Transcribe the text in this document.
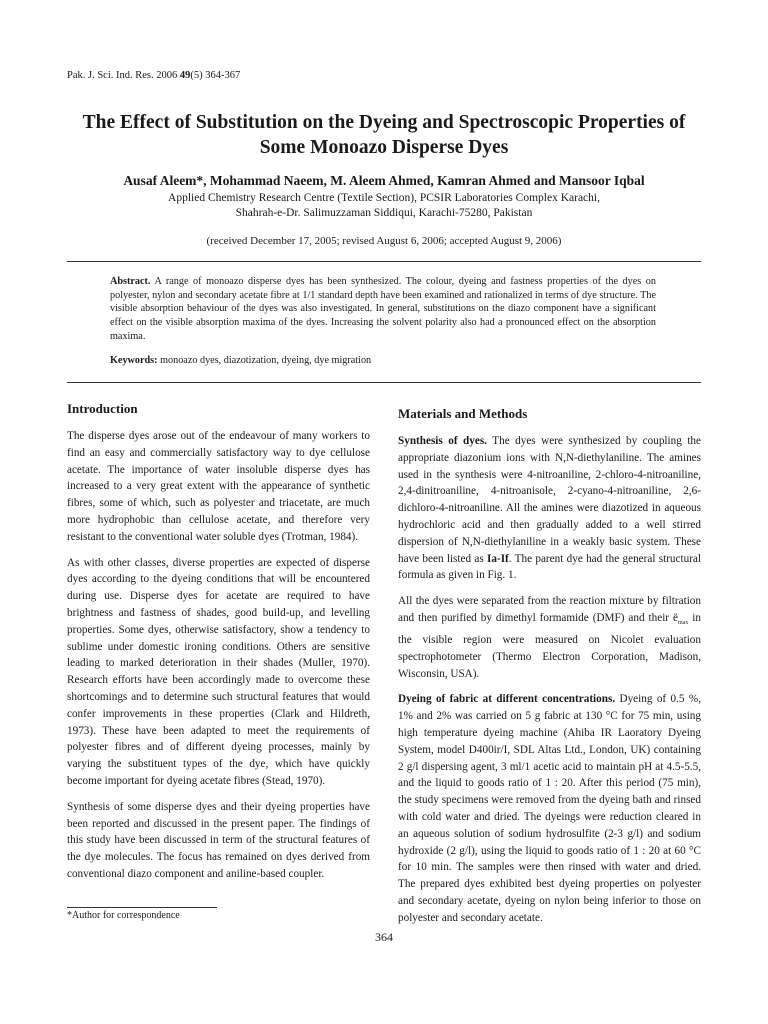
Pak. J. Sci. Ind. Res. 2006 49(5) 364-367
The Effect of Substitution on the Dyeing and Spectroscopic Properties of
Some Monoazo Disperse Dyes
Ausaf Aleem*, Mohammad Naeem, M. Aleem Ahmed, Kamran Ahmed and Mansoor Iqbal
Applied Chemistry Research Centre (Textile Section), PCSIR Laboratories Complex Karachi,
Shahrah-e-Dr. Salimuzzaman Siddiqui, Karachi-75280, Pakistan
(received December 17, 2005; revised August 6, 2006; accepted August 9, 2006)

Abstract. A range of monoazo disperse dyes has been synthesized. The colour, dyeing and fastness properties of the dyes on polyester, nylon and secondary acetate fibre at 1/1 standard depth have been examined and rationalized in terms of dye structure. The visible absorption behaviour of the dyes was also investigated. In general, substitutions on the diazo component have a significant effect on the visible absorption maxima of the dyes. Increasing the solvent polarity also had a pronounced effect on the absorption maxima.

Keywords: monoazo dyes, diazotization, dyeing, dye migration

Introduction

The disperse dyes arose out of the endeavour of many workers to find an easy and commercially satisfactory way to dye cellulose acetate. The importance of water insoluble disperse dyes has increased to a very great extent with the appearance of synthetic fibres, some of which, such as polyester and triacetate, are much more hydrophobic than cellulose acetate, and therefore very resistant to the conventional water soluble dyes (Trotman, 1984).

As with other classes, diverse properties are expected of disperse dyes according to the dyeing conditions that will be encountered during use. Disperse dyes for acetate are required to have brightness and fastness of shades, good build-up, and levelling properties. Some dyes, otherwise satisfactory, show a tendency to sublime under domestic ironing conditions. Others are sensitive leading to marked deterioration in their shades (Muller, 1970). Research efforts have been accordingly made to overcome these shortcomings and to determine such structural features that would confer improvements in these properties (Clark and Hildreth, 1973). These have been adapted to meet the requirements of polyester fibres and of different dyeing processes, mainly by varying the substituent types of the dye, which have quickly become important for dyeing acetate fibres (Stead, 1970).

Synthesis of some disperse dyes and their dyeing properties have been reported and discussed in the present paper. The findings of this study have been discussed in term of the structural features of the dye molecules. The focus has remained on dyes derived from conventional diazo component and aniline-based coupler.

Materials and Methods

Synthesis of dyes. The dyes were synthesized by coupling the appropriate diazonium ions with N,N-diethylaniline. The amines used in the synthesis were 4-nitroaniline, 2-chloro-4-nitroaniline, 2,4-dinitroaniline, 4-nitroanisole, 2-cyano-4-nitroaniline, 2,6-dichloro-4-nitroaniline. All the amines were diazotized in aqueous hydrochloric acid and then gradually added to a well stirred dispersion of N,N-diethylaniline in a weakly basic system. These have been listed as Ia-If. The parent dye had the general structural formula as given in Fig. 1.

All the dyes were separated from the reaction mixture by filtration and then purified by dimethyl formamide (DMF) and their $ë_{max}$ in the visible region were measured on Nicolet evaluation spectrophotometer (Thermo Electron Corporation, Madison, Wisconsin, USA).

Dyeing of fabric at different concentrations. Dyeing of 0.5 %, 1% and 2% was carried on 5 g fabric at 130 °C for 75 min, using high temperature dyeing machine (Ahiba IR Laoratory Dyeing System, model D400ir/I, SDL Altas Ltd., London, UK) containing 2 g/l dispersing agent, 3 ml/1 acetic acid to maintain pH at 4.5-5.5, and the liquid to goods ratio of 1 : 20. After this period (75 min), the study specimens were removed from the dyeing bath and rinsed with cold water and dried. The dyeings were reduction cleared in an aqueous solution of sodium hydrosulfite (2-3 g/l) and sodium hydroxide (2 g/l), using the liquid to goods ratio of 1 : 20 at 60 °C for 10 min. The samples were then rinsed with water and dried. The prepared dyes exhibited best dyeing properties on polyester and secondary acetate, dyeing on nylon being inferior to those on polyester and secondary acetate.

*Author for correspondence
364
